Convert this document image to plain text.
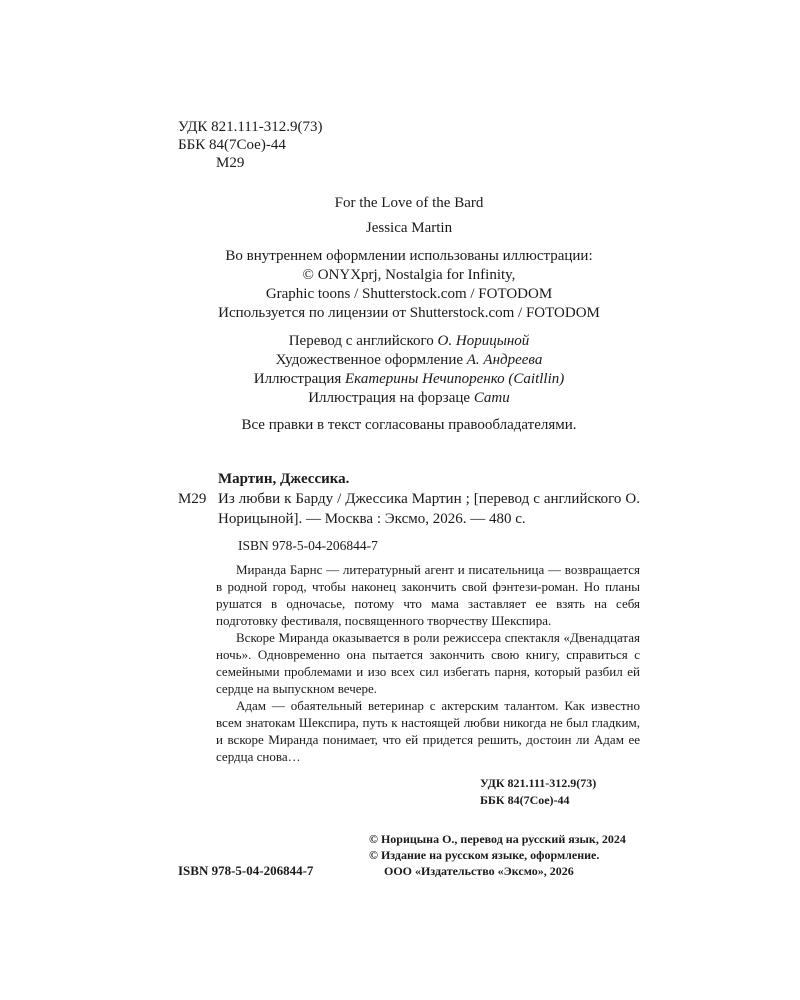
УДК 821.111-312.9(73)
ББК 84(7Сое)-44
М29
For the Love of the Bard
Jessica Martin
Во внутреннем оформлении использованы иллюстрации:
© ONYXprj, Nostalgia for Infinity,
Graphic toons / Shutterstock.com / FOTODOM
Используется по лицензии от Shutterstock.com / FOTODOM
Перевод с английского О. Норицыной
Художественное оформление А. Андреева
Иллюстрация Екатерины Нечипоренко (Caitllin)
Иллюстрация на форзаце Сати
Все правки в текст согласованы правообладателями.
Мартин, Джессика.
М29 Из любви к Барду / Джессика Мартин ; [перевод с английского О. Норицыной]. — Москва : Эксмо, 2026. — 480 с.
ISBN 978-5-04-206844-7

Миранда Барнс — литературный агент и писательница — возвращается в родной город, чтобы наконец закончить свой фэнтези-роман. Но планы рушатся в одночасье, потому что мама заставляет ее взять на себя подготовку фестиваля, посвященного творчеству Шекспира.

Вскоре Миранда оказывается в роли режиссера спектакля «Двенадцатая ночь». Одновременно она пытается закончить свою книгу, справиться с семейными проблемами и изо всех сил избегать парня, который разбил ей сердце на выпускном вечере.

Адам — обаятельный ветеринар с актерским талантом. Как известно всем знатокам Шекспира, путь к настоящей любви никогда не был гладким, и вскоре Миранда понимает, что ей придется решить, достоин ли Адам ее сердца снова…

УДК 821.111-312.9(73)
ББК 84(7Сое)-44
ISBN 978-5-04-206844-7
© Норицына О., перевод на русский язык, 2024
© Издание на русском языке, оформление.
ООО «Издательство «Эксмо», 2026
